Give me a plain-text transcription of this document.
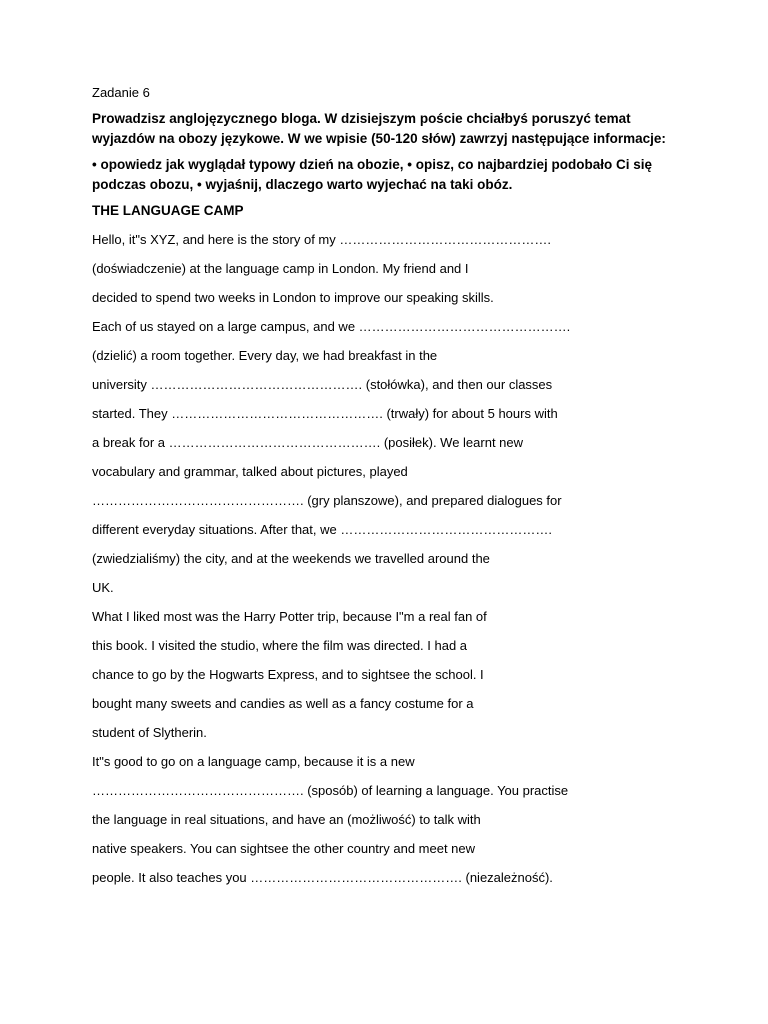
Zadanie 6
Prowadzisz anglojęzycznego bloga. W dzisiejszym poście chciałbyś poruszyć temat
wyjazdów na obozy językowe. W we wpisie (50-120 słów) zawrzyj następujące informacje:
• opowiedz jak wyglądał typowy dzień na obozie, • opisz, co najbardziej podobało Ci się
podczas obozu, • wyjaśnij, dlaczego warto wyjechać na taki obóz.
THE LANGUAGE CAMP
Hello, it"s XYZ, and here is the story of my ………………………………………….
(doświadczenie) at the language camp in London. My friend and I
decided to spend two weeks in London to improve our speaking skills.
Each of us stayed on a large campus, and we ………………………………………….
(dzielić) a room together. Every day, we had breakfast in the
university …………………………………………. (stołówka), and then our classes
started. They …………………………………………. (trwały) for about 5 hours with
a break for a …………………………………………. (posiłek). We learnt new
vocabulary and grammar, talked about pictures, played
…………………………………………. (gry planszowe), and prepared dialogues for
different everyday situations. After that, we ………………………………………….
(zwiedzialiśmy) the city, and at the weekends we travelled around the
UK.
What I liked most was the Harry Potter trip, because I"m a real fan of
this book. I visited the studio, where the film was directed. I had a
chance to go by the Hogwarts Express, and to sightsee the school. I
bought many sweets and candies as well as a fancy costume for a
student of Slytherin.
It"s good to go on a language camp, because it is a new
…………………………………………. (sposób) of learning a language. You practise
the language in real situations, and have an (możliwość) to talk with
native speakers. You can sightsee the other country and meet new
people. It also teaches you …………………………………………. (niezależność).
